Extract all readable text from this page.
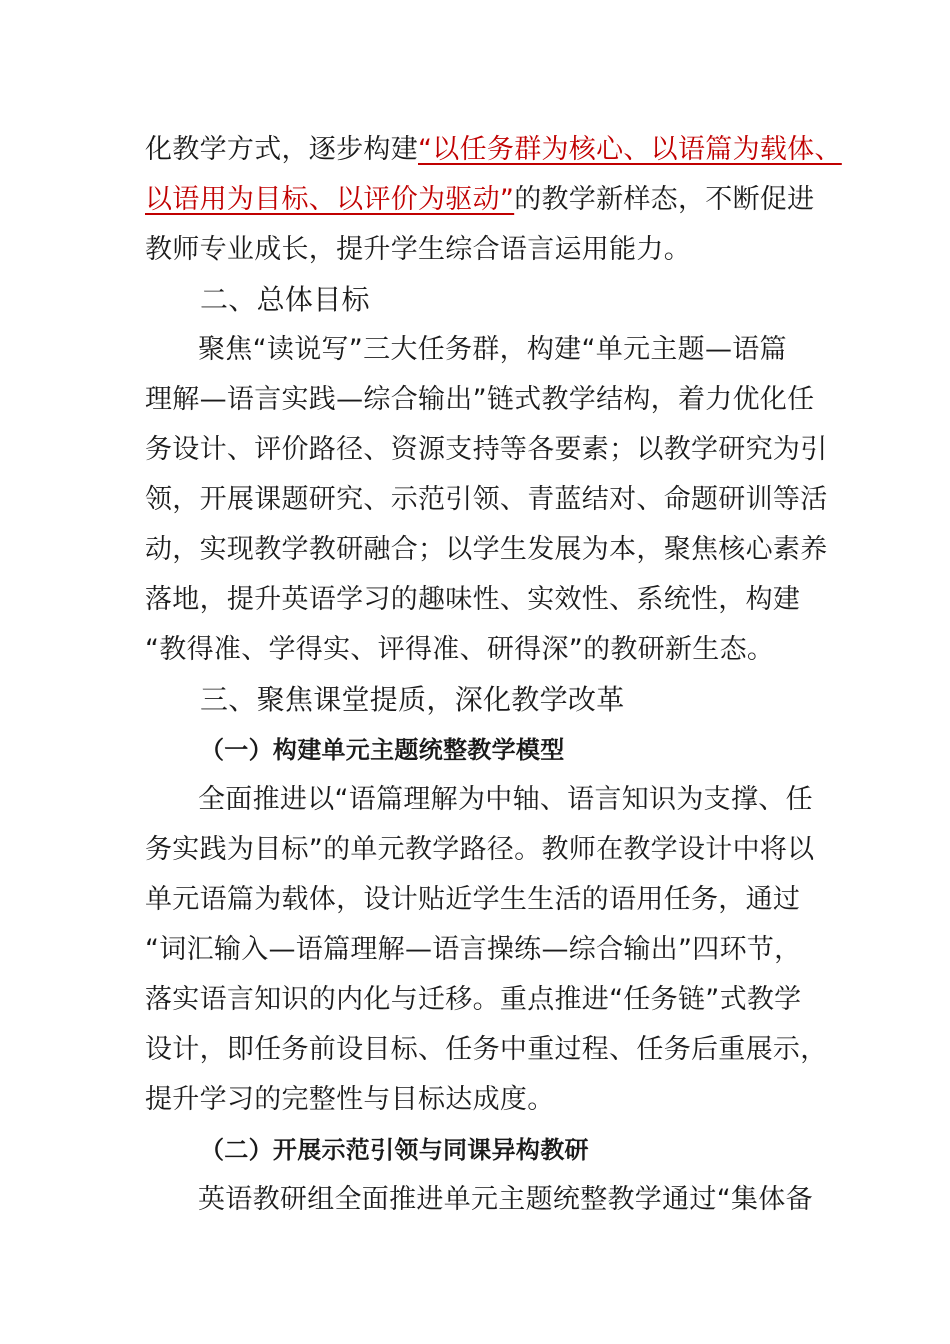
化教学方式，逐步构建“以任务群为核心、以语篇为载体、
以语用为目标、以评价为驱动”的教学新样态，不断促进
教师专业成长，提升学生综合语言运用能力。
二、总体目标
聚焦“读说写”三大任务群，构建“单元主题—语篇
理解—语言实践—综合输出”链式教学结构，着力优化任
务设计、评价路径、资源支持等各要素；以教学研究为引
领，开展课题研究、示范引领、青蓝结对、命题研训等活
动，实现教学教研融合；以学生发展为本，聚焦核心素养
落地，提升英语学习的趣味性、实效性、系统性，构建
“教得准、学得实、评得准、研得深”的教研新生态。
三、聚焦课堂提质，深化教学改革
（一）构建单元主题统整教学模型
全面推进以“语篇理解为中轴、语言知识为支撑、任
务实践为目标”的单元教学路径。教师在教学设计中将以
单元语篇为载体，设计贴近学生生活的语用任务，通过
“词汇输入—语篇理解—语言操练—综合输出”四环节，
落实语言知识的内化与迁移。重点推进“任务链”式教学
设计，即任务前设目标、任务中重过程、任务后重展示，
提升学习的完整性与目标达成度。
（二）开展示范引领与同课异构教研
英语教研组全面推进单元主题统整教学通过“集体备
